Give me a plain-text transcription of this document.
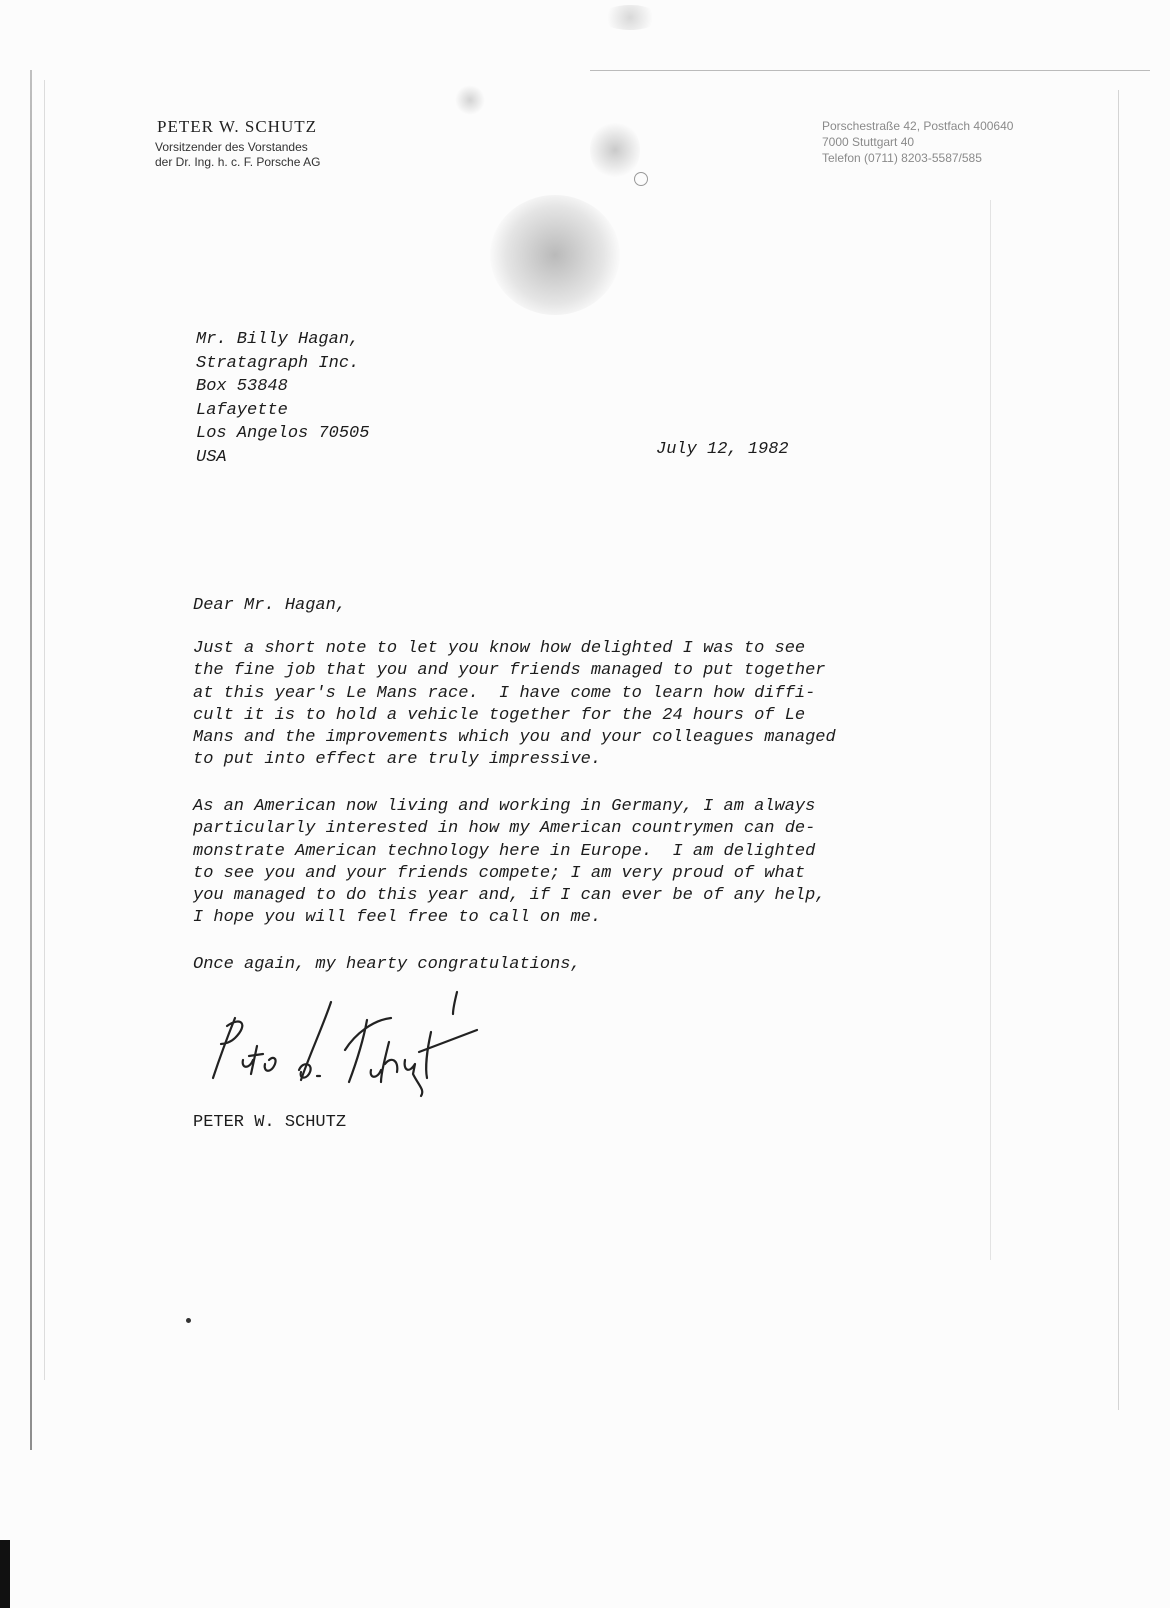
PETER W. SCHUTZ
Vorsitzender des Vorstandes
der Dr. Ing. h. c. F. Porsche AG
Porschestraße 42, Postfach 400640
7000 Stuttgart 40
Telefon (0711) 8203-5587/585
Mr. Billy Hagan,
Stratagraph Inc.
Box 53848
Lafayette
Los Angelos 70505
USA	July 12, 1982
Dear Mr. Hagan,
Just a short note to let you know how delighted I was to see
the fine job that you and your friends managed to put together
at this year's Le Mans race.  I have come to learn how diffi-
cult it is to hold a vehicle together for the 24 hours of Le
Mans and the improvements which you and your colleagues managed
to put into effect are truly impressive.
As an American now living and working in Germany, I am always
particularly interested in how my American countrymen can de-
monstrate American technology here in Europe.  I am delighted
to see you and your friends compete; I am very proud of what
you managed to do this year and, if I can ever be of any help,
I hope you will feel free to call on me.
Once again, my hearty congratulations,
PETER W. SCHUTZ
